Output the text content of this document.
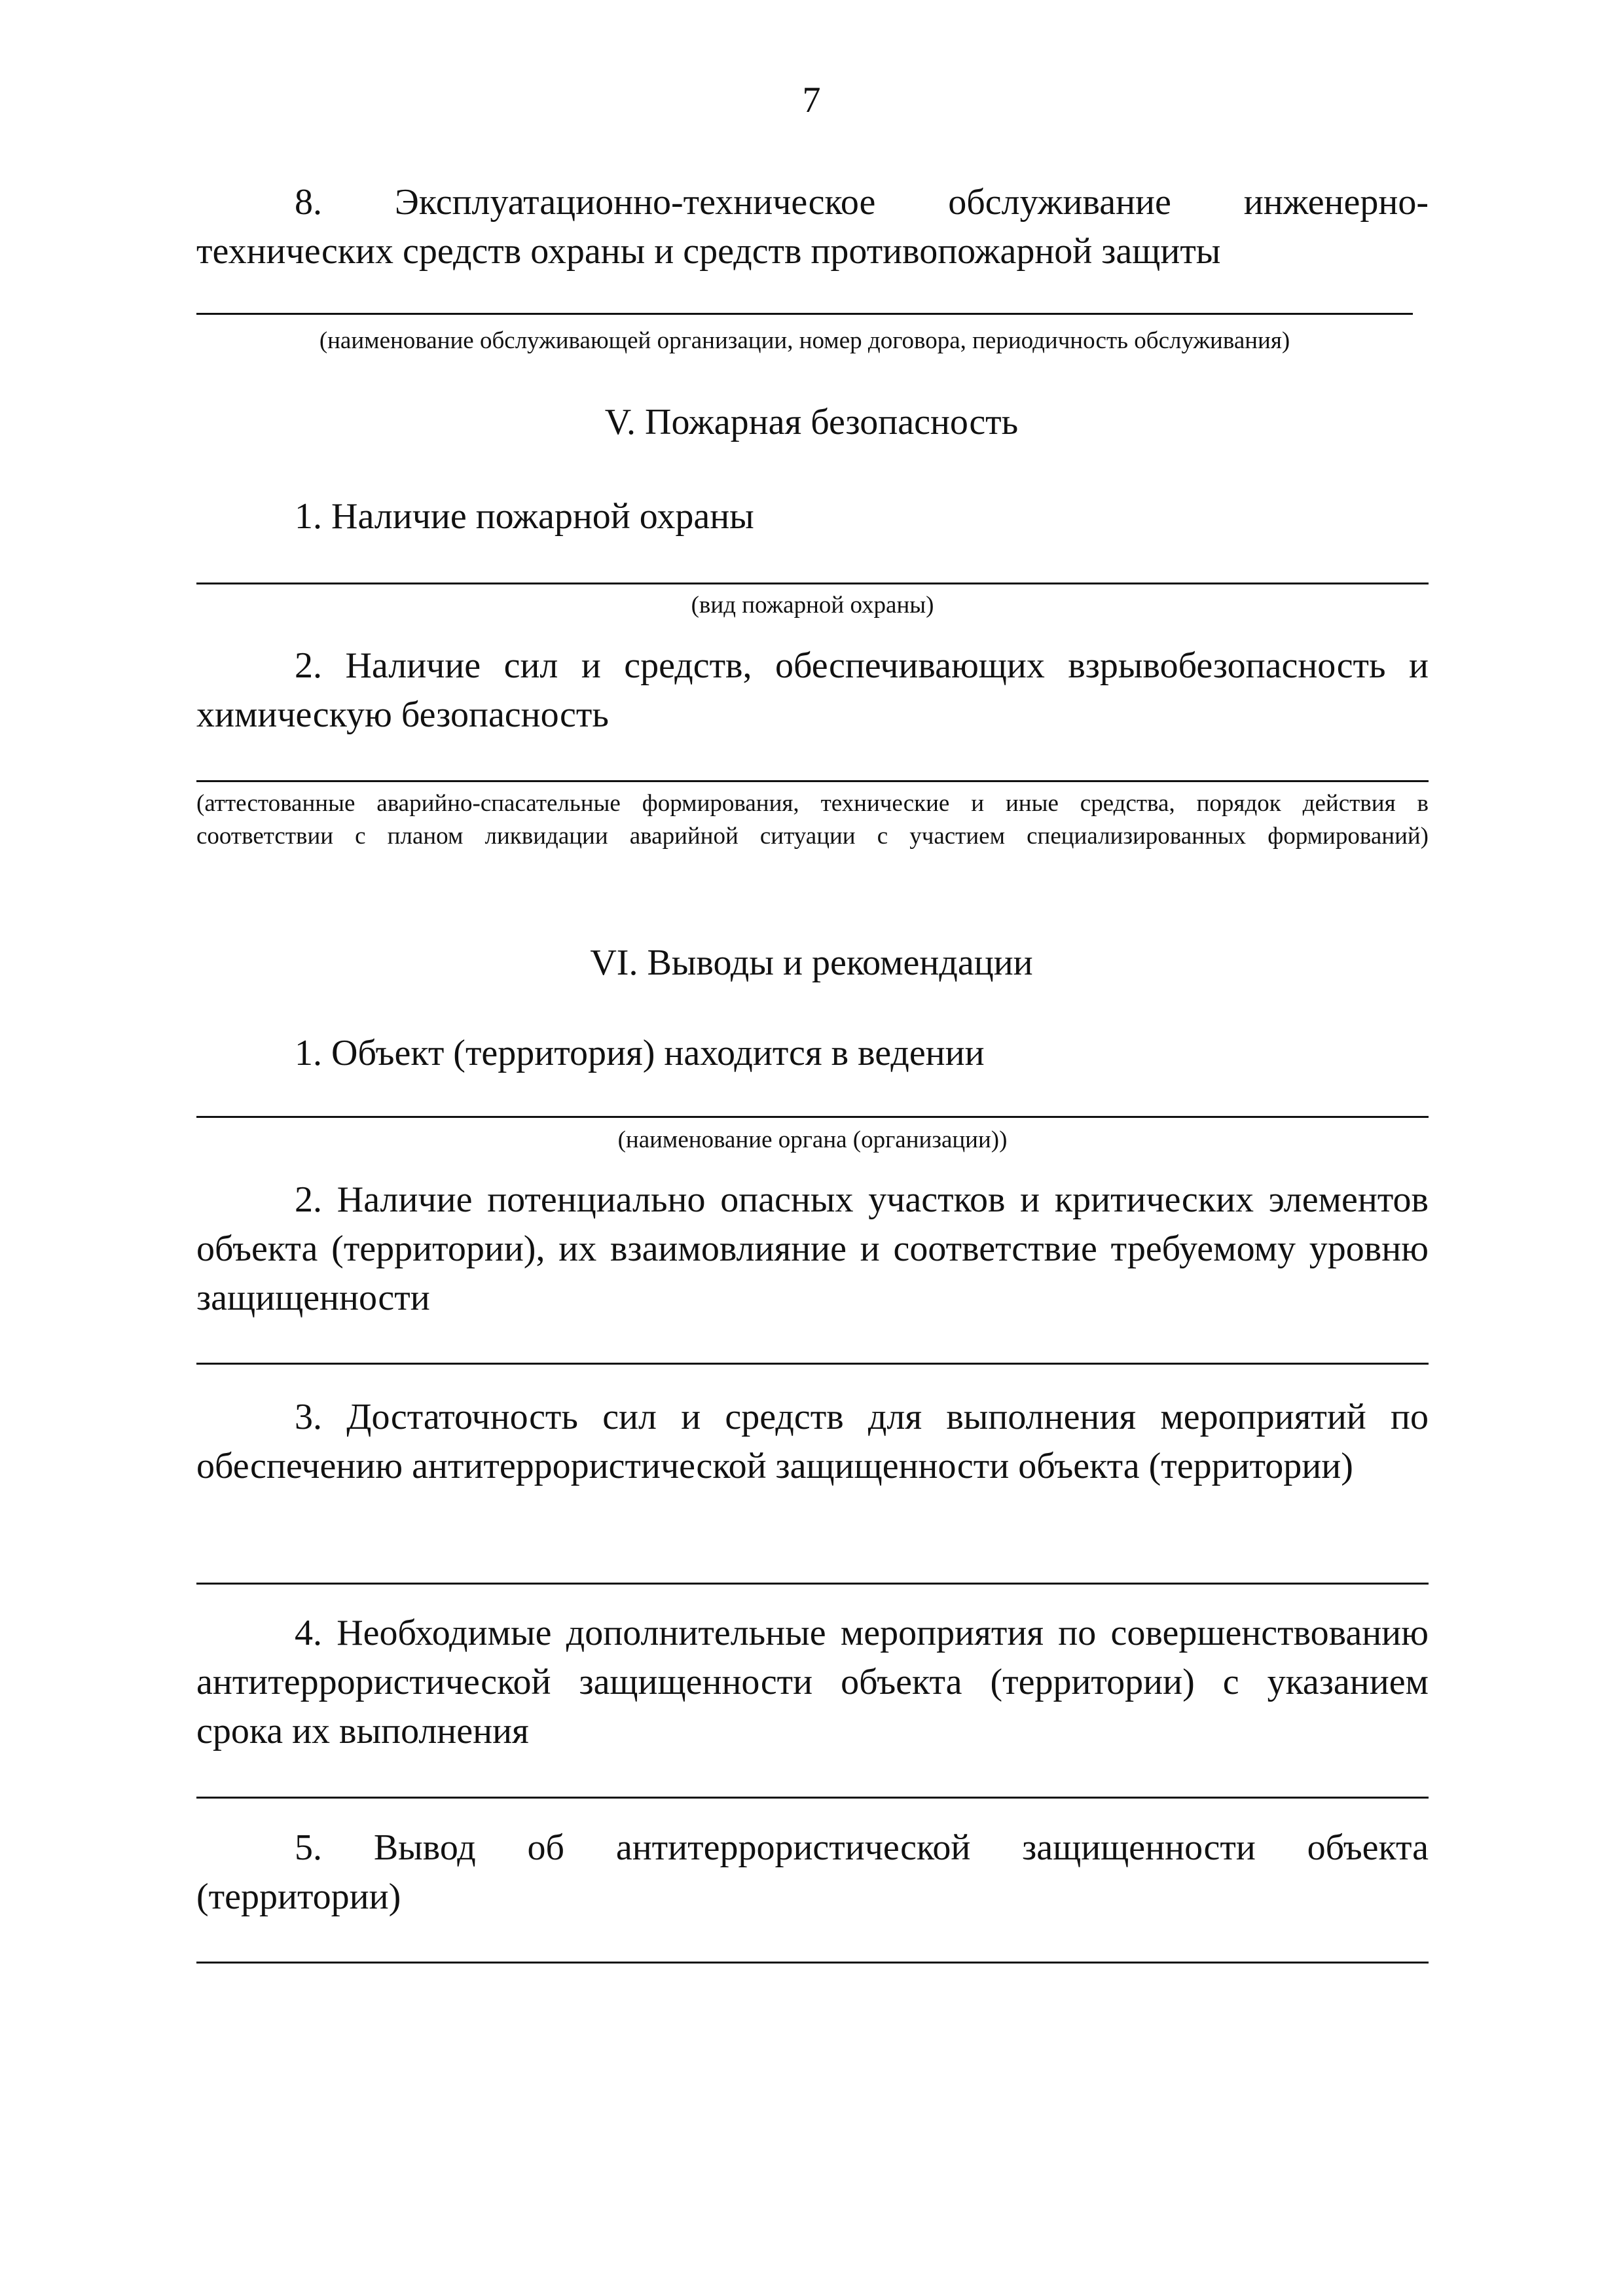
7

8. Эксплуатационно-техническое обслуживание инженерно-технических средств охраны и средств противопожарной защиты

(наименование обслуживающей организации, номер договора, периодичность обслуживания)

V. Пожарная безопасность

1. Наличие пожарной охраны

(вид пожарной охраны)

2. Наличие сил и средств, обеспечивающих взрывобезопасность и химическую безопасность

(аттестованные аварийно-спасательные формирования, технические и иные средства, порядок действия в

соответствии с планом ликвидации аварийной ситуации с участием специализированных формирований)

VI. Выводы и рекомендации

1. Объект (территория) находится в ведении

(наименование органа (организации))

2. Наличие потенциально опасных участков и критических элементов объекта (территории), их взаимовлияние и соответствие требуемому уровню защищенности

3. Достаточность сил и средств для выполнения мероприятий по обеспечению антитеррористической защищенности объекта (территории)

4. Необходимые дополнительные мероприятия по совершенствованию антитеррористической защищенности объекта (территории) с указанием срока их выполнения

5. Вывод об антитеррористической защищенности объекта (территории)
